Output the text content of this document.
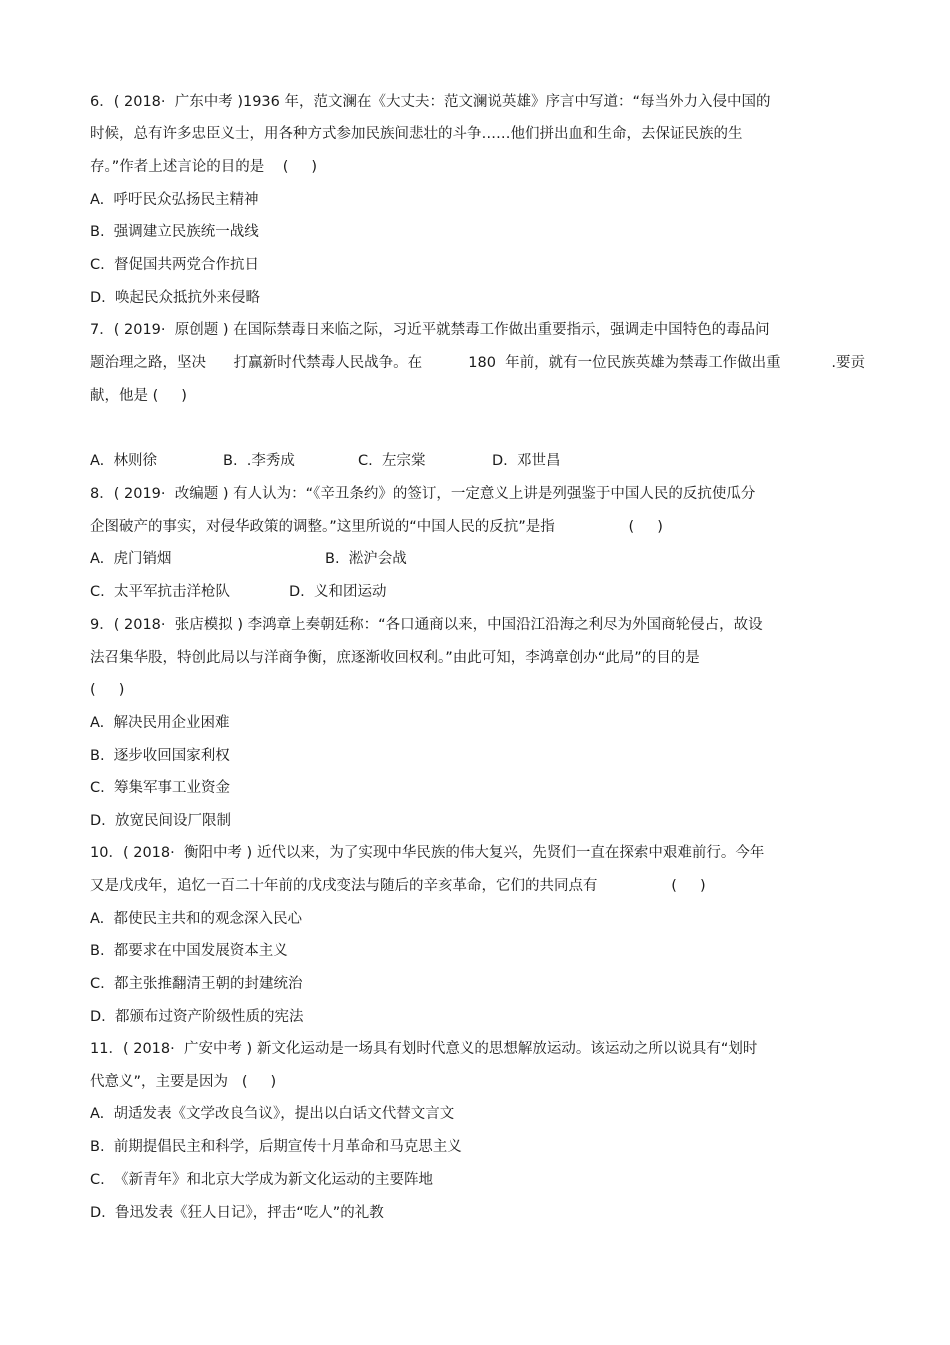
6．( 2018·  广东中考 )1936 年，范文澜在《大丈夫：范文澜说英雄》序言中写道：“每当外力入侵中国的
时候，总有许多忠臣义士，用各种方式参加民族间悲壮的斗争……他们拼出血和生命，去保证民族的生
存。”作者上述言论的目的是    (     )
A.  呼吁民众弘扬民主精神
B.  强调建立民族统一战线
C.  督促国共两党合作抗日
D.  唤起民众抵抗外来侵略
7．( 2019·  原创题 ) 在国际禁毒日来临之际，习近平就禁毒工作做出重要指示，强调走中国特色的毒品问
题治理之路，坚决      打赢新时代禁毒人民战争。在          180  年前，就有一位民族英雄为禁毒工作做出重           .要贡
献，他是 (     )
A.  林则徐	B.  .李秀成	C.  左宗棠	D.  邓世昌
8．( 2019·  改编题 ) 有人认为：“《辛丑条约》的签订，一定意义上讲是列强鉴于中国人民的反抗使瓜分
企图破产的事实，对侵华政策的调整。”这里所说的“中国人民的反抗”是指                (     )
A.  虎门销烟	B.  淞沪会战
C.  太平军抗击洋枪队	D.  义和团运动
9．( 2018·  张店模拟 ) 李鸿章上奏朝廷称：“各口通商以来，中国沿江沿海之利尽为外国商轮侵占，故设
法召集华股，特创此局以与洋商争衡，庶逐渐收回权利。”由此可知，李鸿章创办“此局”的目的是
(     )
A.  解决民用企业困难
B.  逐步收回国家利权
C.  筹集军事工业资金
D.  放宽民间设厂限制
10．( 2018·  衡阳中考 ) 近代以来，为了实现中华民族的伟大复兴，先贤们一直在探索中艰难前行。今年
又是戊戌年，追忆一百二十年前的戊戌变法与随后的辛亥革命，它们的共同点有                (     )
A.  都使民主共和的观念深入民心
B.  都要求在中国发展资本主义
C.  都主张推翻清王朝的封建统治
D.  都颁布过资产阶级性质的宪法
11．( 2018·  广安中考 ) 新文化运动是一场具有划时代意义的思想解放运动。该运动之所以说具有“划时
代意义”，主要是因为   (     )
A.  胡适发表《文学改良刍议》，提出以白话文代替文言文
B.  前期提倡民主和科学，后期宣传十月革命和马克思主义
C.  《新青年》和北京大学成为新文化运动的主要阵地
D.  鲁迅发表《狂人日记》，抨击“吃人”的礼教
